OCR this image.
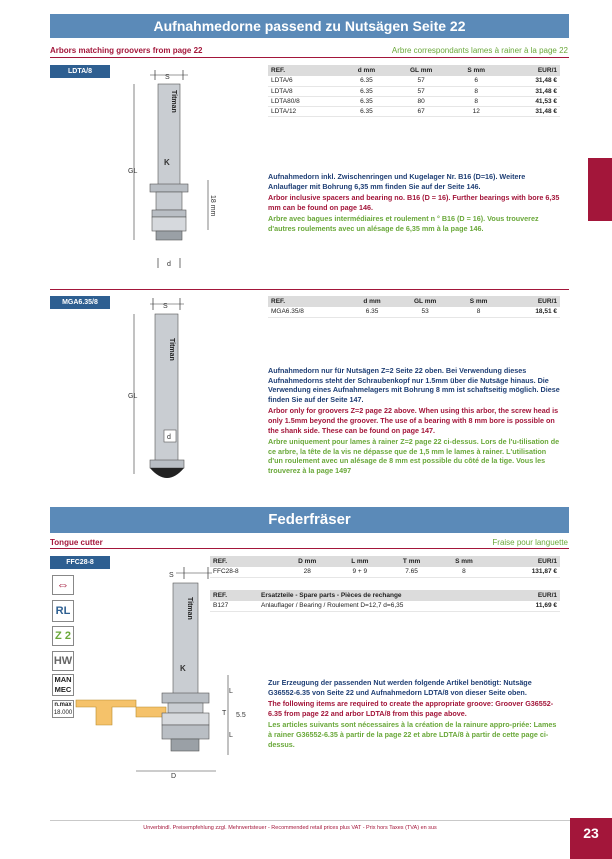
Aufnahmedorne passend zu Nutsägen Seite 22
Arbors matching groovers from page 22	Arbre correspondants lames à rainer à la page 22
LDTA/8
S
Titman
K
GL
18 mm
d
REF.	d mm	GL mm	S mm	EUR/1
LDTA/6	6.35	57	6	31,48 €
LDTA/8	6.35	57	8	31,48 €
LDTA80/8	6.35	80	8	41,53 €
LDTA/12	6.35	67	12	31,48 €

Aufnahmedorn inkl. Zwischenringen und Kugelager Nr. B16 (D=16). Weitere Anlauflager mit Bohrung 6,35 mm finden Sie auf der Seite 146.

Arbor inclusive spacers and bearing no. B16 (D = 16). Further bearings with bore 6,35 mm can be found on page 146.

Arbre avec bagues intermédiaires et roulement n ° B16 (D = 16). Vous trouverez d'autres roulements avec un alésage de 6,35 mm à la page 146.

MGA6.35/8
S
Titman
GL
d
REF.	d mm	GL mm	S mm	EUR/1
MGA6.35/8	6.35	53	8	18,51 €

Aufnahmedorn nur für Nutsägen Z=2 Seite 22 oben. Bei Verwendung dieses Aufnahmedorns steht der Schraubenkopf nur 1.5mm über die Nutsäge hinaus. Die Verwendung eines Aufnahmelagers mit Bohrung 8 mm ist schaftseitig möglich. Diese finden Sie auf der Seite 147.

Arbor only for groovers Z=2 page 22 above. When using this arbor, the screw head is only 1.5mm beyond the groover. The use of a bearing with 8 mm bore is possible on the shank side. These can be found on page 147.

Arbre uniquement pour lames à rainer Z=2 page 22 ci-dessus. Lors de l'u-tilisation de ce arbre, la tête de la vis ne dépasse que de 1,5 mm le lames à rainer. L'utilisation d'un roulement avec un alésage de 8 mm est possible du côté de la tige. Vous les trouverez à la page 1497

Federfräser
Tongue cutter	Fraise pour languette
FFC28-8
⇔
RL
Z 2
HW
MAN
MEC
n.max
18.000
S
Titman
K
D
L
T 5.5
L
REF.	D mm	L mm	T mm	S mm	EUR/1
FFC28-8	28	9 + 9	7.65	8	131,87 €
REF.	Ersatzteile - Spare parts - Pièces de rechange	EUR/1
B127	Anlauflager / Bearing / Roulement D=12,7 d=6,35	11,69 €

Zur Erzeugung der passenden Nut werden folgende Artikel benötigt: Nutsäge G36552-6.35 von Seite 22 und Aufnahmedorn LDTA/8 von dieser Seite oben.

The following items are required to create the appropriate groove: Groover G36552-6.35 from page 22 and arbor LDTA/8 from this page above.

Les articles suivants sont nécessaires à la création de la rainure appro-priée: Lames à rainer G36552-6.35 à partir de la page 22 et abre LDTA/8 à partir de cette page ci-dessus.

Unverbindl. Preisempfehlung zzgl. Mehrwertsteuer - Recommended retail prices plus VAT - Prix hors Taxes (TVA) en sus	23
